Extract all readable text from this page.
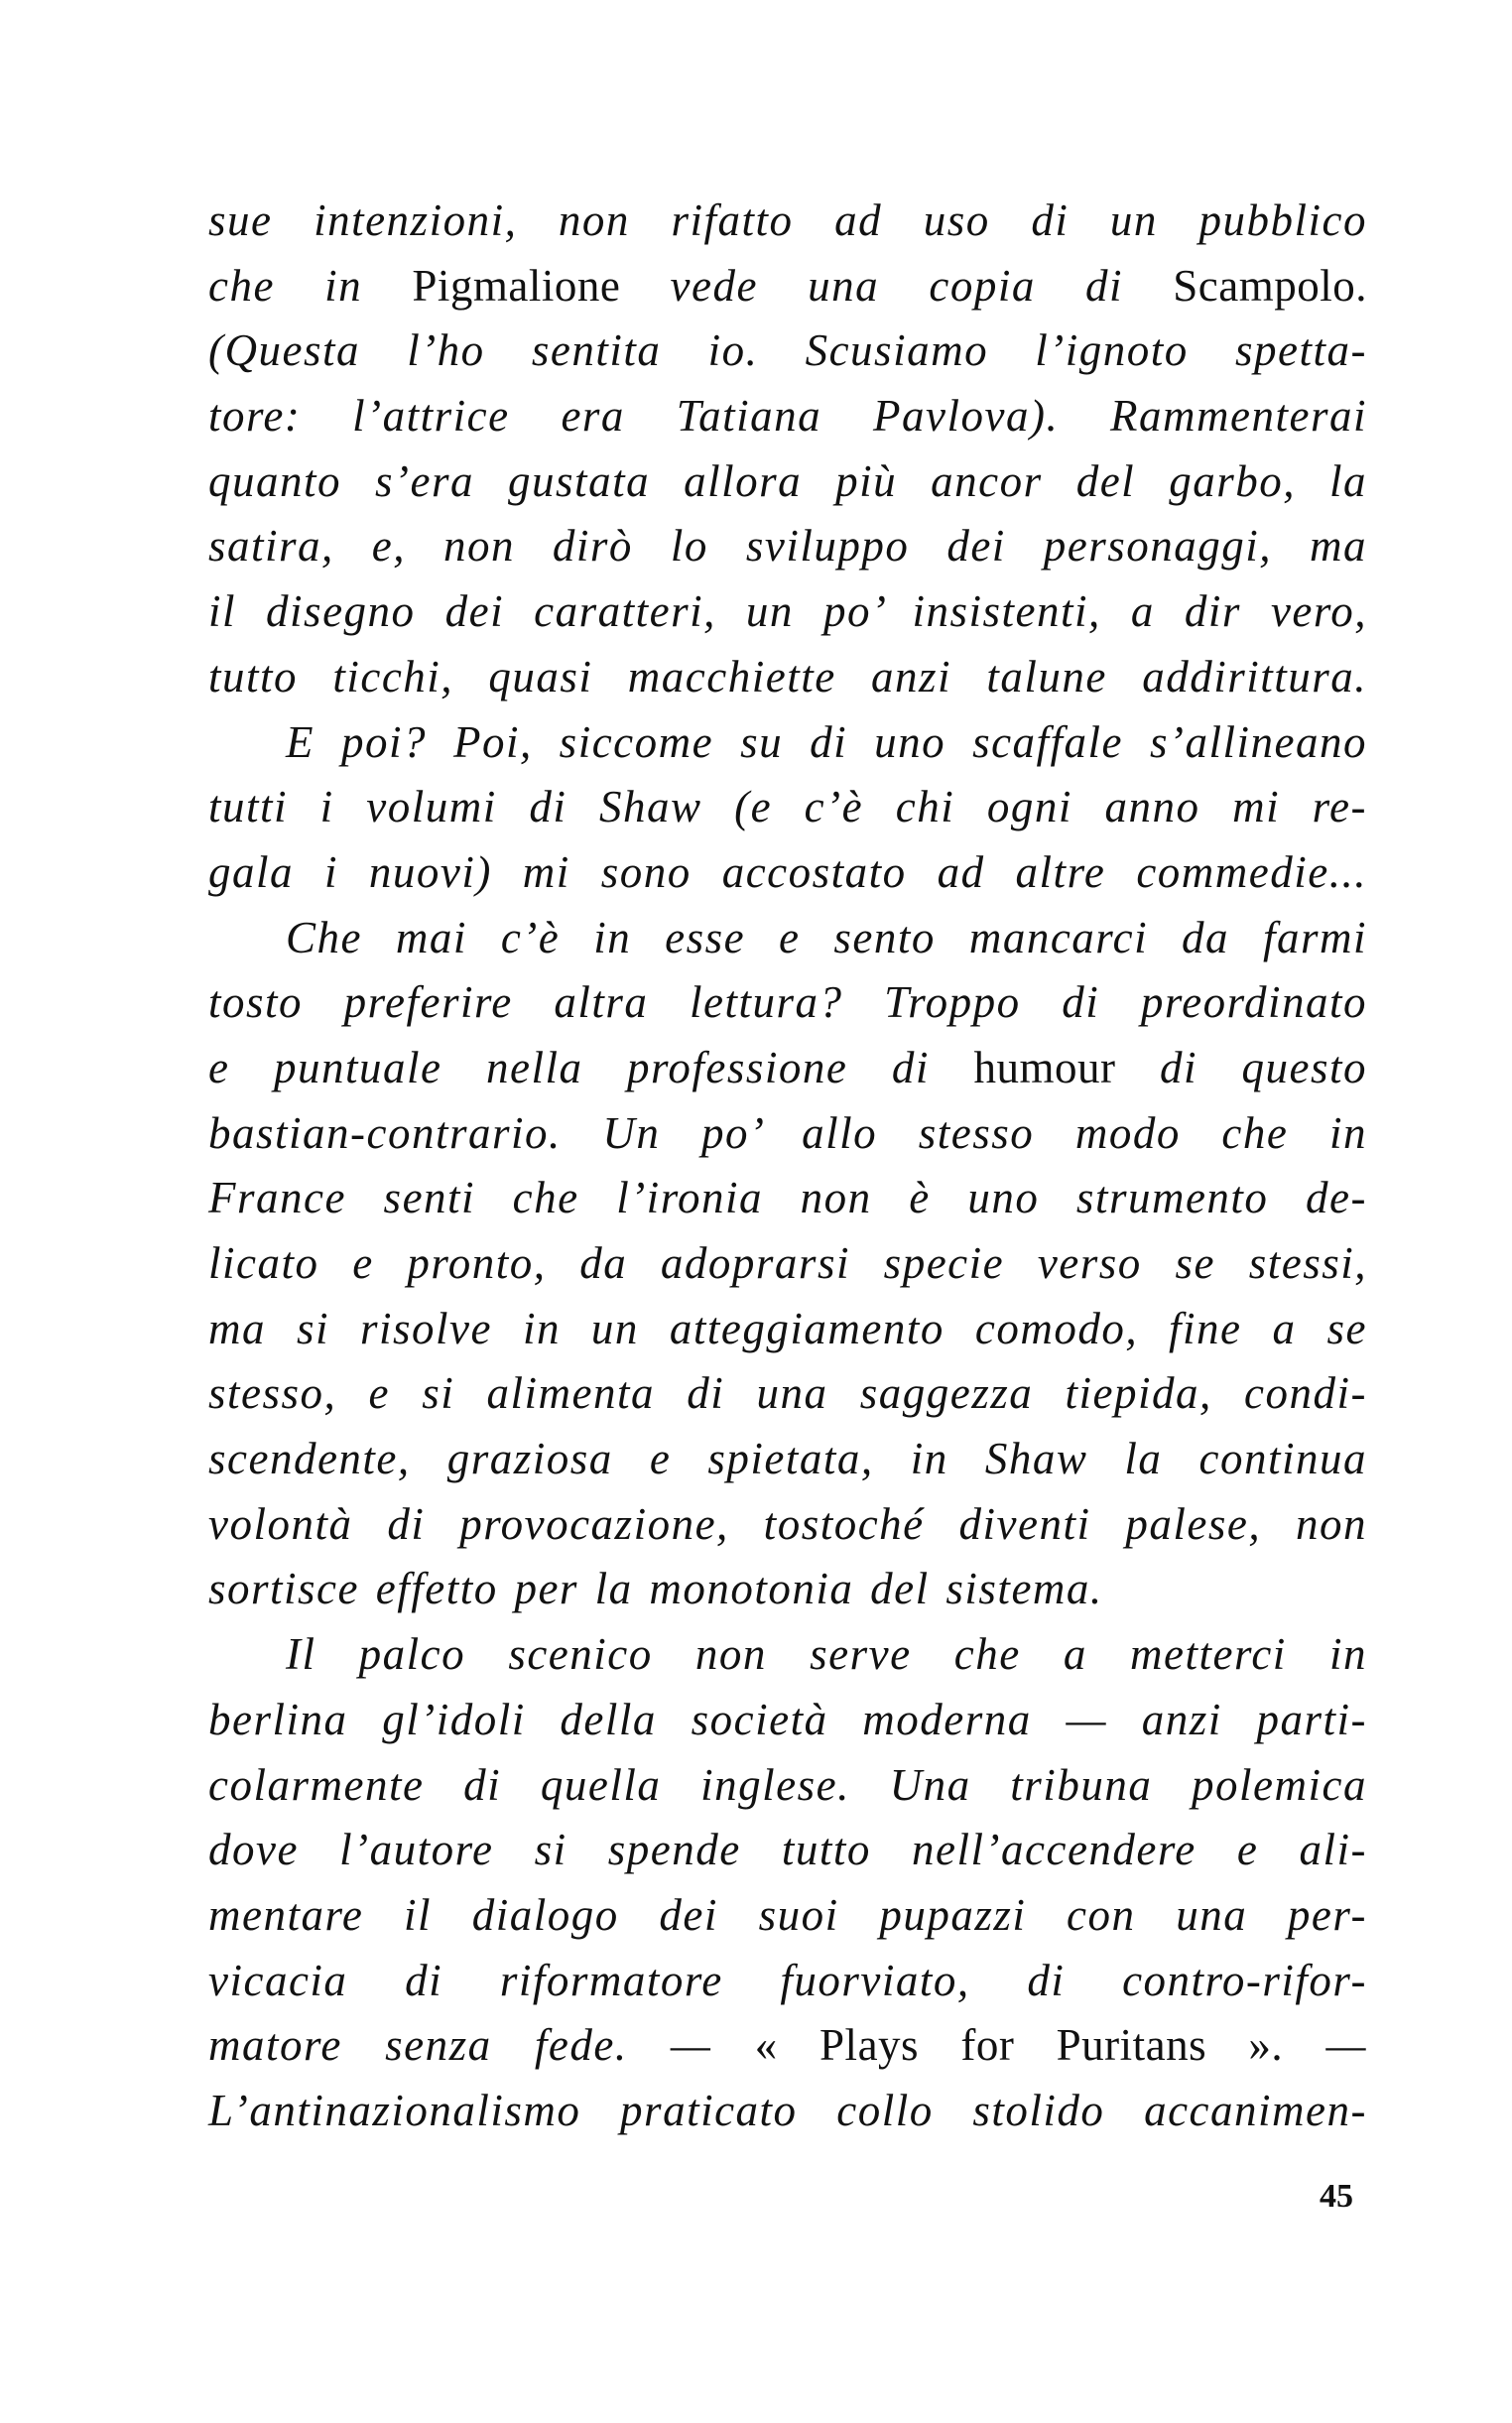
sue intenzioni, non rifatto ad uso di un pubblico
che in Pigmalione vede una copia di Scampolo.
(Questa l’ho sentita io. Scusiamo l’ignoto spetta-
tore: l’attrice era Tatiana Pavlova). Rammenterai
quanto s’era gustata allora più ancor del garbo, la
satira, e, non dirò lo sviluppo dei personaggi, ma
il disegno dei caratteri, un po’ insistenti, a dir vero,
tutto ticchi, quasi macchiette anzi talune addirittura.
E poi? Poi, siccome su di uno scaffale s’allineano
tutti i volumi di Shaw (e c’è chi ogni anno mi re-
gala i nuovi) mi sono accostato ad altre commedie...
Che mai c’è in esse e sento mancarci da farmi
tosto preferire altra lettura? Troppo di preordinato
e puntuale nella professione di humour di questo
bastian-contrario. Un po’ allo stesso modo che in
France senti che l’ironia non è uno strumento de-
licato e pronto, da adoprarsi specie verso se stessi,
ma si risolve in un atteggiamento comodo, fine a se
stesso, e si alimenta di una saggezza tiepida, condi-
scendente, graziosa e spietata, in Shaw la continua
volontà di provocazione, tostoché diventi palese, non
sortisce effetto per la monotonia del sistema.
Il palco scenico non serve che a metterci in
berlina gl’idoli della società moderna — anzi parti-
colarmente di quella inglese. Una tribuna polemica
dove l’autore si spende tutto nell’accendere e ali-
mentare il dialogo dei suoi pupazzi con una per-
vicacia di riformatore fuorviato, di contro-rifor-
matore senza fede. — « Plays for Puritans ». —
L’antinazionalismo praticato collo stolido accanimen-
45
